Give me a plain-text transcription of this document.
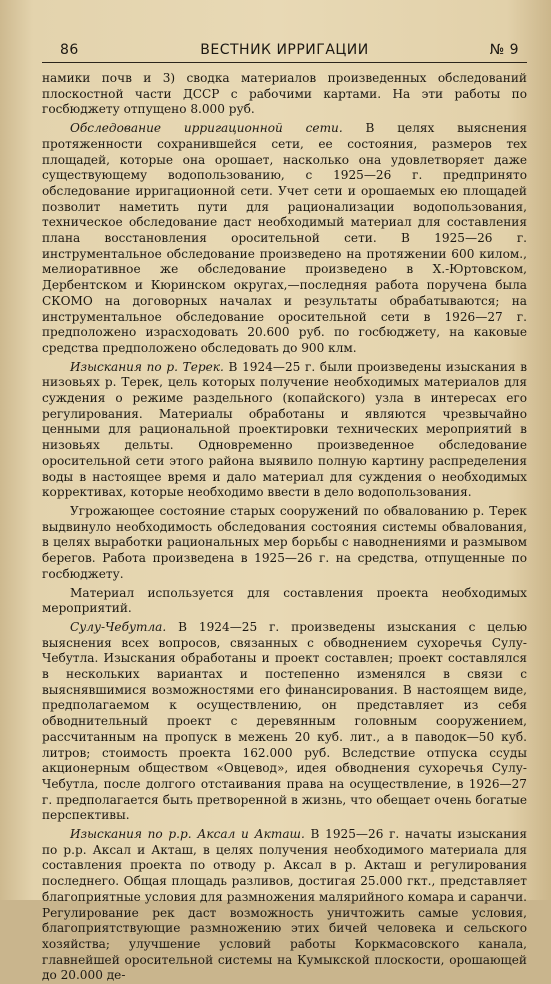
86	ВЕСТНИК ИРРИГАЦИИ	№ 9

намики почв и 3) сводка материалов произведенных обследований плоскостной части ДССР с рабочими картами. На эти работы по госбюджету отпущено 8.000 руб.

Обследование ирригационной сети. В целях выяснения протяженности сохранившейся сети, ее состояния, размеров тех площадей, которые она орошает, насколько она удовлетворяет даже существующему водопользованию, с 1925—26 г. предпринято обследование ирригационной сети. Учет сети и орошаемых ею площадей позволит наметить пути для рационализации водопользования, техническое обследование даст необходимый материал для составления плана восстановления оросительной сети. В 1925—26 г. инструментальное обследование произведено на протяжении 600 килом., мелиоративное же обследование произведено в Х.-Юртовском, Дербентском и Кюринском округах,—последняя работа поручена была СКОМО на договорных началах и результаты обрабатываются; на инструментальное обследование оросительной сети в 1926—27 г. предположено израсходовать 20.600 руб. по госбюджету, на каковые средства предположено обследовать до 900 клм.

Изыскания по р. Терек. В 1924—25 г. были произведены изыскания в низовьях р. Терек, цель которых получение необходимых материалов для суждения о режиме раздельного (копайского) узла в интересах его регулирования. Материалы обработаны и являются чрезвычайно ценными для рациональной проектировки технических мероприятий в низовьях дельты. Одновременно произведенное обследование оросительной сети этого района выявило полную картину распределения воды в настоящее время и дало материал для суждения о необходимых коррективах, которые необходимо ввести в дело водопользования.

Угрожающее состояние старых сооружений по обвалованию р. Терек выдвинуло необходимость обследования состояния системы обвалования, в целях выработки рациональных мер борьбы с наводнениями и размывом берегов. Работа произведена в 1925—26 г. на средства, отпущенные по госбюджету.

Материал используется для составления проекта необходимых мероприятий.

Сулу-Чебутла. В 1924—25 г. произведены изыскания с целью выяснения всех вопросов, связанных с обводнением сухоречья Сулу-Чебутла. Изыскания обработаны и проект составлен; проект составлялся в нескольких вариантах и постепенно изменялся в связи с выяснявшимися возможностями его финансирования. В настоящем виде, предполагаемом к осуществлению, он представляет из себя обводнительный проект с деревянным головным сооружением, рассчитанным на пропуск в межень 20 куб. лит., а в паводок—50 куб. литров; стоимость проекта 162.000 руб. Вследствие отпуска ссуды акционерным обществом «Овцевод», идея обводнения сухоречья Сулу-Чебутла, после долгого отстаивания права на осуществление, в 1926—27 г. предполагается быть претворенной в жизнь, что обещает очень богатые перспективы.

Изыскания по р.р. Аксал и Акташ. В 1925—26 г. начаты изыскания по р.р. Аксал и Акташ, в целях получения необходимого материала для составления проекта по отводу р. Аксал в р. Акташ и регулирования последнего. Общая площадь разливов, достигая 25.000 гкт., представляет благоприятные условия для размножения малярийного комара и саранчи. Регулирование рек даст возможность уничтожить самые условия, благоприятствующие размножению этих бичей человека и сельского хозяйства; улучшение условий работы Коркмасовского канала, главнейшей оросительной системы на Кумыкской плоскости, орошающей до 20.000 де-
